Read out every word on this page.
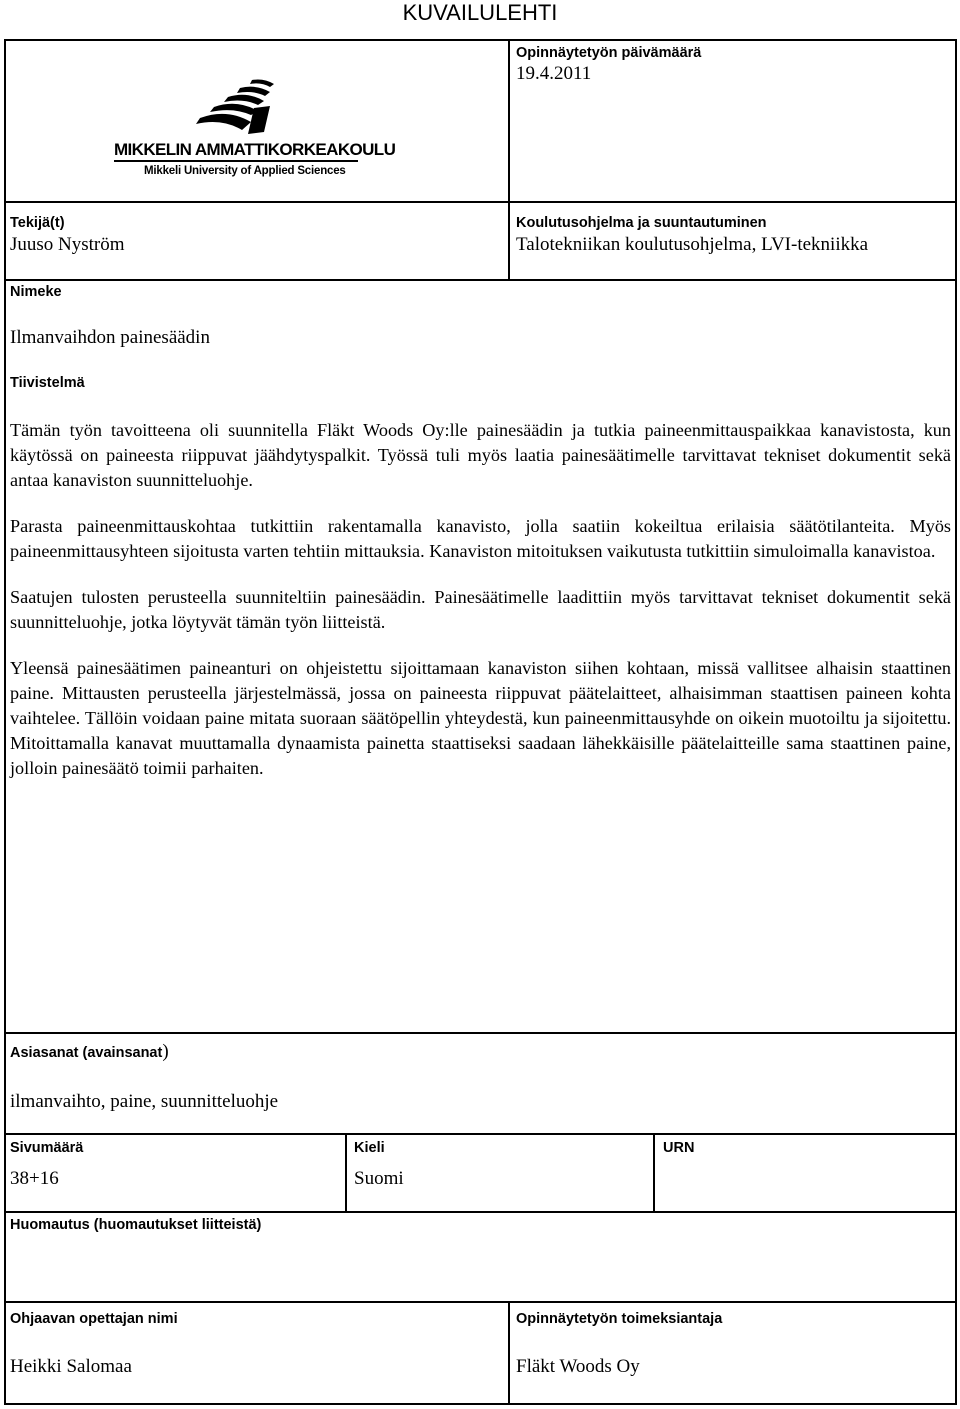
KUVAILULEHTI
MIKKELIN AMMATTIKORKEAKOULU
Mikkeli University of Applied Sciences
Opinnäytetyön päivämäärä
19.4.2011
Tekijä(t)
Juuso Nyström
Koulutusohjelma ja suuntautuminen
Talotekniikan koulutusohjelma, LVI-tekniikka
Nimeke
Ilmanvaihdon painesäädin
Tiivistelmä

Tämän työn tavoitteena oli suunnitella Fläkt Woods Oy:lle painesäädin ja tutkia paineenmittauspaikkaa kanavistosta, kun käytössä on paineesta riippuvat jäähdytyspalkit. Työssä tuli myös laatia painesäätimelle tarvittavat tekniset dokumentit sekä antaa kanaviston suunnitteluohje.

Parasta paineenmittauskohtaa tutkittiin rakentamalla kanavisto, jolla saatiin kokeiltua erilaisia säätötilanteita. Myös paineenmittausyhteen sijoitusta varten tehtiin mittauksia. Kanaviston mitoituksen vaikutusta tutkittiin simuloimalla kanavistoa.

Saatujen tulosten perusteella suunniteltiin painesäädin. Painesäätimelle laadittiin myös tarvittavat tekniset dokumentit sekä suunnitteluohje, jotka löytyvät tämän työn liitteistä.

Yleensä painesäätimen paineanturi on ohjeistettu sijoittamaan kanaviston siihen kohtaan, missä vallitsee alhaisin staattinen paine. Mittausten perusteella järjestelmässä, jossa on paineesta riippuvat päätelaitteet, alhaisimman staattisen paineen kohta vaihtelee. Tällöin voidaan paine mitata suoraan säätöpellin yhteydestä, kun paineenmittausyhde on oikein muotoiltu ja sijoitettu. Mitoittamalla kanavat muuttamalla dynaamista painetta staattiseksi saadaan lähekkäisille päätelaitteille sama staattinen paine, jolloin painesäätö toimii parhaiten.

Asiasanat (avainsanat)
ilmanvaihto, paine, suunnitteluohje
Sivumäärä
38+16
Kieli
Suomi
URN
Huomautus (huomautukset liitteistä)
Ohjaavan opettajan nimi
Heikki Salomaa
Opinnäytetyön toimeksiantaja
Fläkt Woods Oy
